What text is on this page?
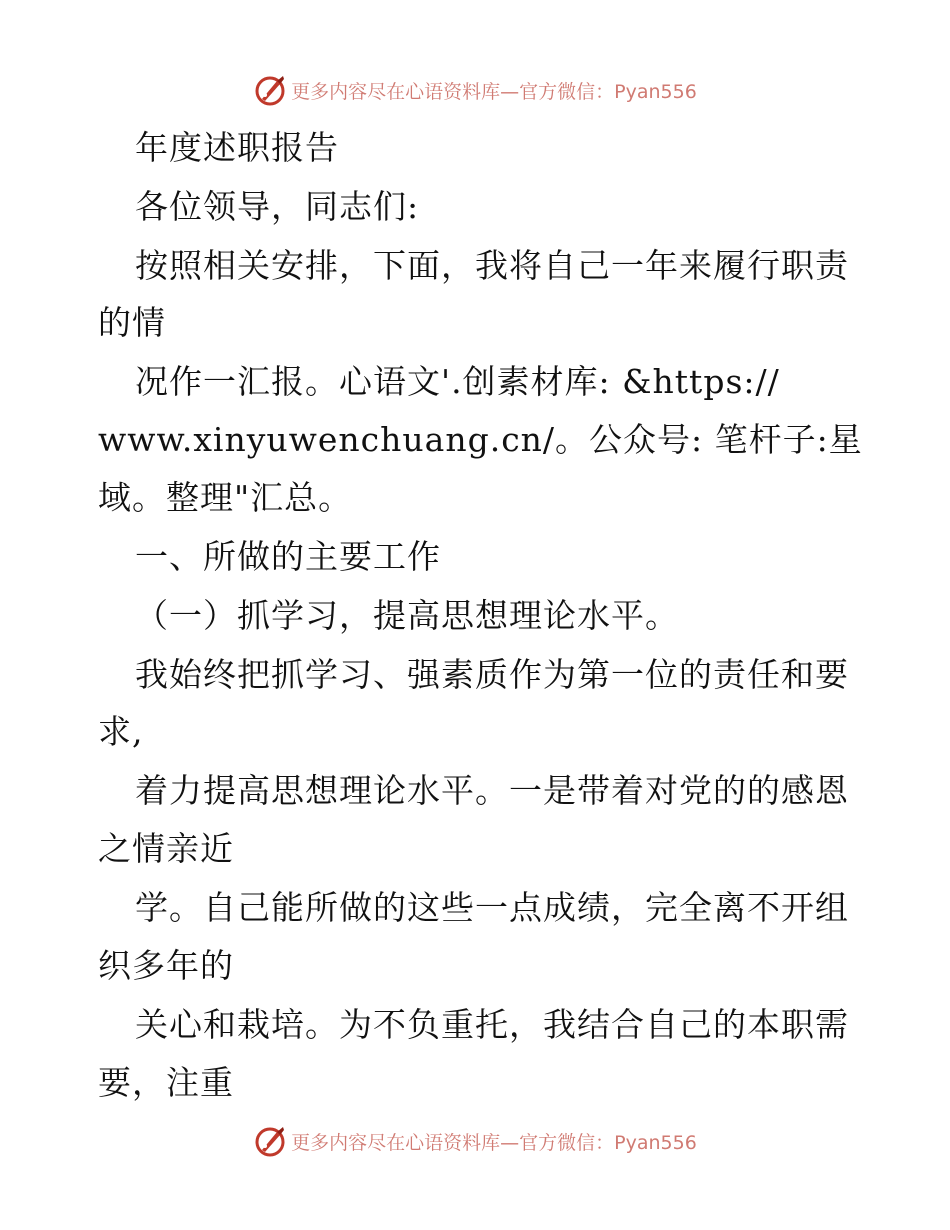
更多内容尽在心语资料库—官方微信：Pyan556
年度述职报告
各位领导，同志们:
按照相关安排，下面，我将自己一年来履行职责
的情
况作一汇报。心语文'.创素材库: &https://
www.xinyuwenchuang.cn/。公众号: 笔杆子:星
域。整理"汇总。
一、所做的主要工作
（一）抓学习，提高思想理论水平。
我始终把抓学习、强素质作为第一位的责任和要
求,
着力提高思想理论水平。一是带着对党的的感恩
之情亲近
学。自己能所做的这些一点成绩，完全离不开组
织多年的
关心和栽培。为不负重托，我结合自己的本职需
要，注重
更多内容尽在心语资料库—官方微信：Pyan556
